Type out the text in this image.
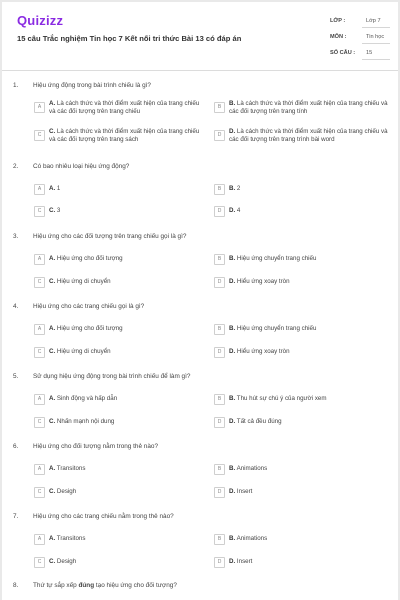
Quizizz
15 câu Trắc nghiệm Tin học 7 Kết nối tri thức Bài 13 có đáp án
LỚP :	Lớp 7
MÔN :	Tin học
SỐ CÂU : 15
1. Hiệu ứng động trong bài trình chiếu là gì?
A	A. Là cách thức và thời điểm xuất hiện của trang chiếu và các đối tượng trên trang chiếu
B	B. Là cách thức và thời điểm xuất hiện của trang chiếu và các đối tượng trên trang tính
C	C. Là cách thức và thời điểm xuất hiện của trang chiếu và các đối tượng trên trang sách
D	D. Là cách thức và thời điểm xuất hiện của trang chiếu và các đối tượng trên trang trình bài word
2. Có bao nhiêu loại hiệu ứng động?
A	A. 1	B	B. 2
C	C. 3	D	D. 4
3. Hiệu ứng cho các đối tượng trên trang chiếu gọi là gì?
A	A. Hiệu ứng cho đối tượng	B	B. Hiệu ứng chuyển trang chiếu
C	C. Hiệu ứng di chuyển	D	D. Hiểu ứng xoay tròn
4. Hiệu ứng cho các trang chiếu gọi là gì?
A	A. Hiệu ứng cho đối tượng	B	B. Hiệu ứng chuyển trang chiếu
C	C. Hiệu ứng di chuyển	D	D. Hiểu ứng xoay tròn
5. Sử dụng hiệu ứng động trong bài trình chiếu để làm gì?
A	A. Sinh động và hấp dẫn	B	B. Thu hút sự chú ý của người xem
C	C. Nhấn mạnh nội dung	D	D. Tất cả đều đúng
6. Hiệu ứng cho đối tượng nằm trong thẻ nào?
A	A. Transitons	B	B. Animations
C	C. Desigh	D	D. Insert
7. Hiệu ứng cho các trang chiếu nằm trong thẻ nào?
A	A. Transitons	B	B. Animations
C	C. Desigh	D	D. Insert
8. Thứ tự sắp xếp đúng tạo hiệu ứng cho đối tượng?
